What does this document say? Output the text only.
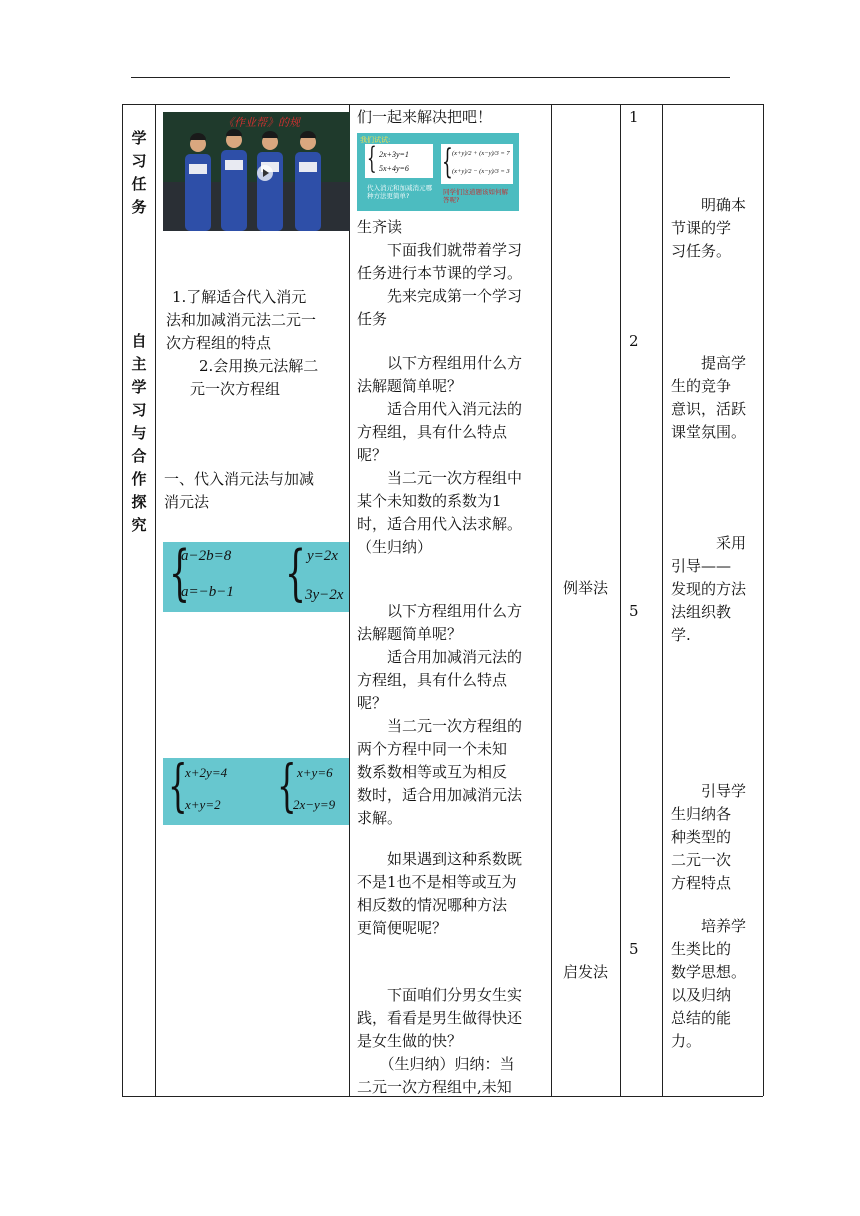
学
习
任
务
自
主
学
习
与
合
作
探
究
《作业帮》的规
1.了解适合代入消元
法和加减消元法二元一
次方程组的特点
2.会用换元法解二
元一次方程组
一、代入消元法与加减
消元法
{
a−2b=8
a=−b−1 { y=2x
3y−2x
{
x+2y=4
x+y=2 { x+y=6
2x−y=9
我们试试:
{ 2x+3y=1
5x+4y=6 { (x+y)/2 + (x−y)/3 = 7
(x+y)/2 − (x−y)/3 = 3
代入消元和加减消元哪种方法更简单?	同学们这道题该如何解答呢?
们一起来解决把吧！
生齐读
　　下面我们就带着学习
任务进行本节课的学习。
　　先来完成第一个学习
任务
　　以下方程组用什么方
法解题简单呢？
　　适合用代入消元法的
方程组，具有什么特点
呢？
　　当二元一次方程组中
某个未知数的系数为1
时，适合用代入法求解。
（生归纳）
　　以下方程组用什么方
法解题简单呢？
　　适合用加减消元法的
方程组，具有什么特点
呢？
　　当二元一次方程组的
两个方程中同一个未知
数系数相等或互为相反
数时，适合用加减消元法
求解。
　　如果遇到这种系数既
不是1也不是相等或互为
相反数的情况哪种方法
更简便呢呢？
　　下面咱们分男女生实
践，看看是男生做得快还
是女生做的快？
　　（生归纳）归纳：当
二元一次方程组中,未知
例举法
启发法
1
2
5
5
　　明确本
节课的学
习任务。
　　提高学
生的竞争
意识，活跃
课堂氛围。
　　　采用
引导——
发现的方法
法组织教
学.
　　引导学
生归纳各
种类型的
二元一次
方程特点
　　培养学
生类比的
数学思想。
以及归纳
总结的能
力。
